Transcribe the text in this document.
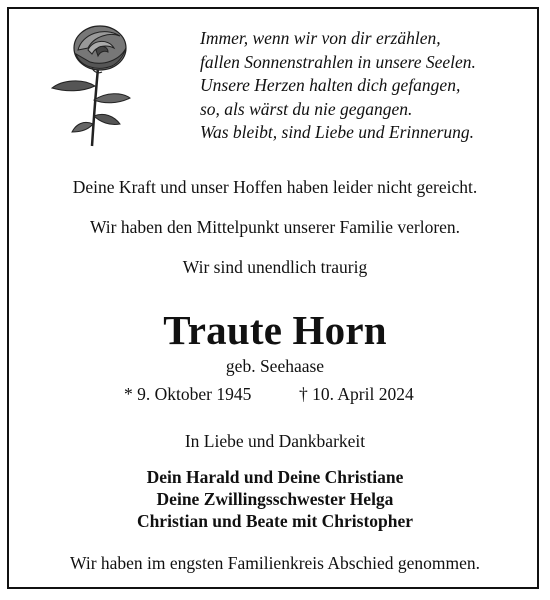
Immer, wenn wir von dir erzählen,
fallen Sonnenstrahlen in unsere Seelen.
Unsere Herzen halten dich gefangen,
so, als wärst du nie gegangen.
Was bleibt, sind Liebe und Erinnerung.
Deine Kraft und unser Hoffen haben leider nicht gereicht.
Wir haben den Mittelpunkt unserer Familie verloren.
Wir sind unendlich traurig
Traute Horn
geb. Seehaase
* 9. Oktober 1945	† 10. April 2024
In Liebe und Dankbarkeit
Dein Harald und Deine Christiane
Deine Zwillingsschwester Helga
Christian und Beate mit Christopher
Wir haben im engsten Familienkreis Abschied genommen.
